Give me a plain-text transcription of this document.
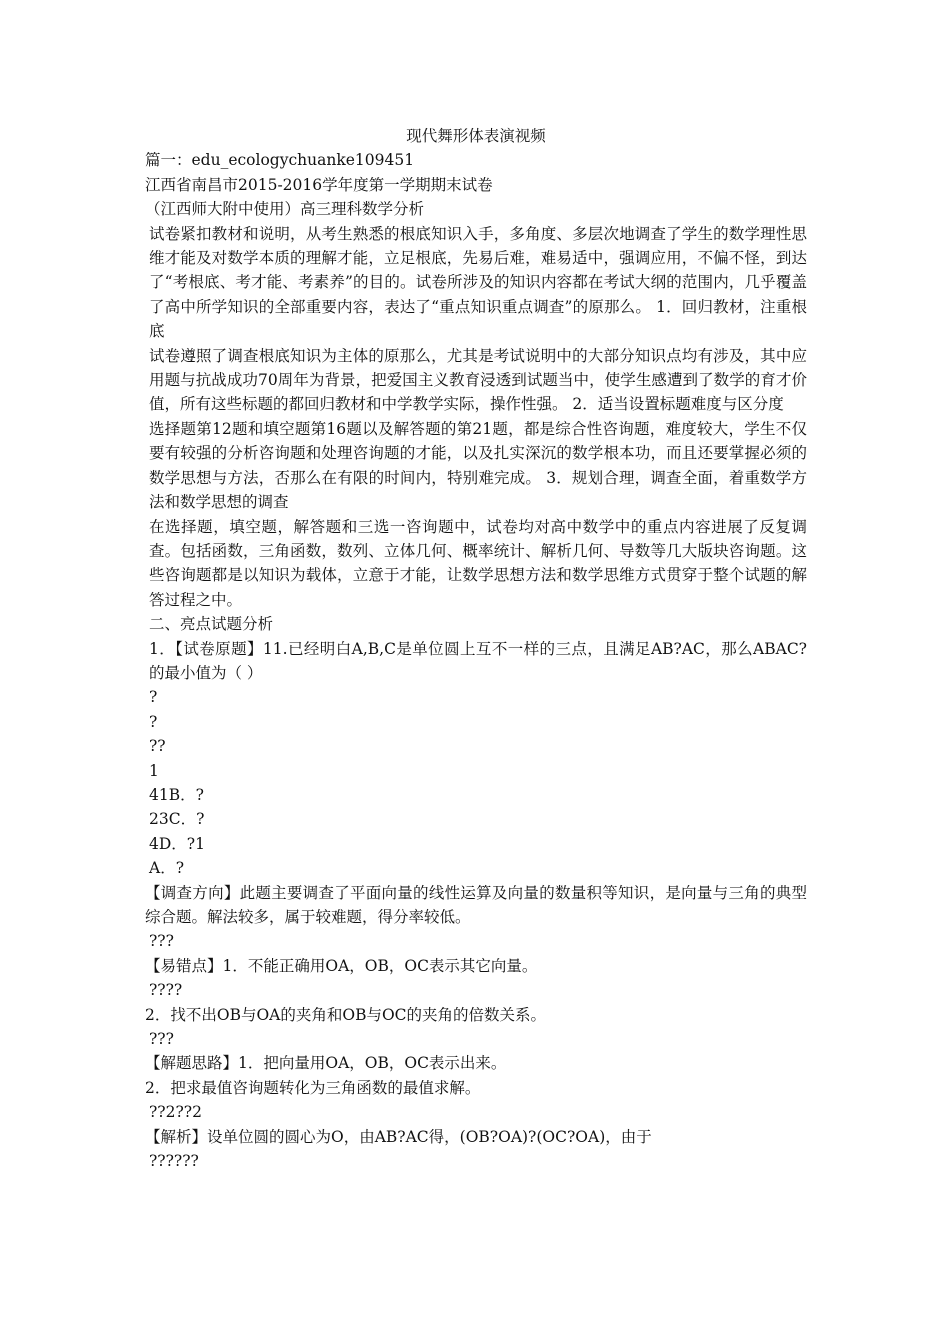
现代舞形体表演视频

篇一：edu_ecologychuanke109451

江西省南昌市2015-2016学年度第一学期期末试卷

（江西师大附中使用）高三理科数学分析

试卷紧扣教材和说明，从考生熟悉的根底知识入手，多角度、多层次地调查了学生的数学理性思维才能及对数学本质的理解才能，立足根底，先易后难，难易适中，强调应用，不偏不怪，到达了“考根底、考才能、考素养”的目的。试卷所涉及的知识内容都在考试大纲的范围内，几乎覆盖了高中所学知识的全部重要内容，表达了“重点知识重点调查”的原那么。 1．回归教材，注重根底

试卷遵照了调查根底知识为主体的原那么，尤其是考试说明中的大部分知识点均有涉及，其中应用题与抗战成功70周年为背景，把爱国主义教育浸透到试题当中，使学生感遭到了数学的育才价值，所有这些标题的都回归教材和中学教学实际，操作性强。 2．适当设置标题难度与区分度

选择题第12题和填空题第16题以及解答题的第21题，都是综合性咨询题，难度较大，学生不仅要有较强的分析咨询题和处理咨询题的才能，以及扎实深沉的数学根本功，而且还要掌握必须的数学思想与方法，否那么在有限的时间内，特别难完成。 3．规划合理，调查全面，着重数学方法和数学思想的调查

在选择题，填空题，解答题和三选一咨询题中，试卷均对高中数学中的重点内容进展了反复调查。包括函数，三角函数，数列、立体几何、概率统计、解析几何、导数等几大版块咨询题。这些咨询题都是以知识为载体，立意于才能，让数学思想方法和数学思维方式贯穿于整个试题的解答过程之中。

二、亮点试题分析

1．【试卷原题】11.已经明白A,B,C是单位圆上互不一样的三点，且满足AB?AC，那么ABAC?的最小值为（ ）

?

?

??

1

41B．?

23C．?

4D．?1

A．?

【调查方向】此题主要调查了平面向量的线性运算及向量的数量积等知识，是向量与三角的典型综合题。解法较多，属于较难题，得分率较低。

???

【易错点】1．不能正确用OA，OB，OC表示其它向量。

????

2．找不出OB与OA的夹角和OB与OC的夹角的倍数关系。

???

【解题思路】1．把向量用OA，OB，OC表示出来。

2．把求最值咨询题转化为三角函数的最值求解。

??2??2

【解析】设单位圆的圆心为O，由AB?AC得，(OB?OA)?(OC?OA)，由于

??????
